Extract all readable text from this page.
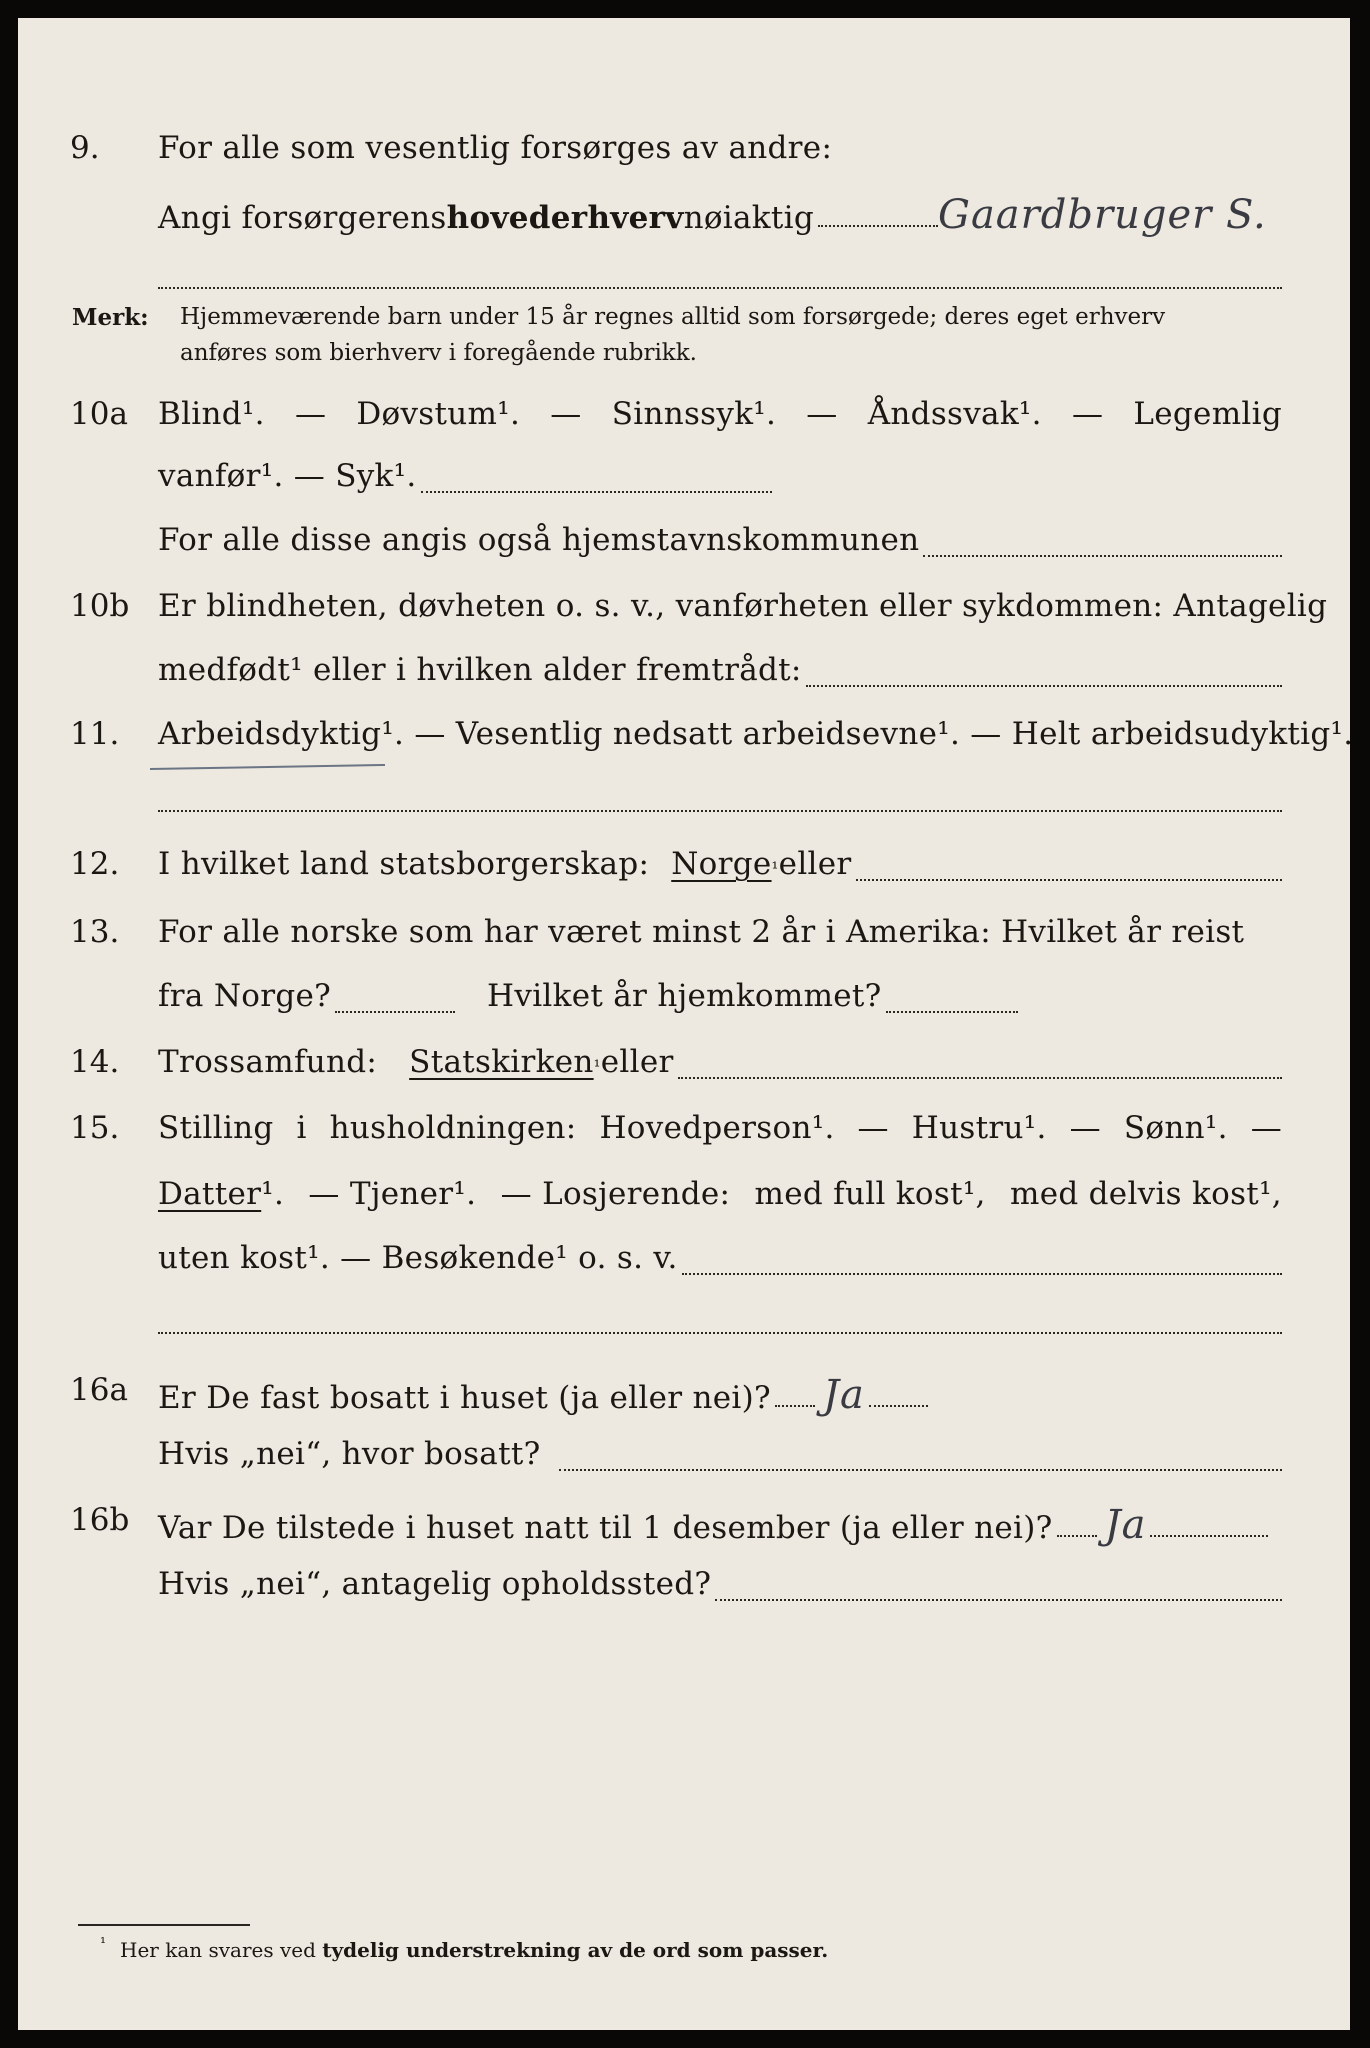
9. For alle som vesentlig forsørges av andre:
Angi forsørgerens hovederhverv nøiaktig	Gaardbruger S.
Merk: Hjemmeværende barn under 15 år regnes alltid som forsørgede; deres eget erhverv
anføres som bierhverv i foregående rubrikk.
10a Blind¹. — Døvstum¹. — Sinnssyk¹. — Åndssvak¹. — Legemlig
vanfør¹. — Syk¹.
For alle disse angis også hjemstavnskommunen
10b Er blindheten, døvheten o. s. v., vanførheten eller sykdommen: Antagelig
medfødt¹ eller i hvilken alder fremtrådt:
11. Arbeidsdyktig¹. — Vesentlig nedsatt arbeidsevne¹. — Helt arbeidsudyktig¹.
12. I hvilket land statsborgerskap: Norge ¹ eller
13. For alle norske som har været minst 2 år i Amerika: Hvilket år reist
fra Norge?	Hvilket år hjemkommet?
14. Trossamfund: Statskirken ¹ eller
15. Stilling i husholdningen: Hovedperson¹. — Hustru¹. — Sønn¹. —
Datter¹. — Tjener¹. — Losjerende: med full kost¹, med delvis kost¹,
uten kost¹. — Besøkende¹ o. s. v.
16a Er De fast bosatt i huset (ja eller nei)? Ja
Hvis „nei“, hvor bosatt?
16b Var De tilstede i huset natt til 1 desember (ja eller nei)? Ja
Hvis „nei“, antagelig opholdssted?
¹ Her kan svares ved tydelig understrekning av de ord som passer.
